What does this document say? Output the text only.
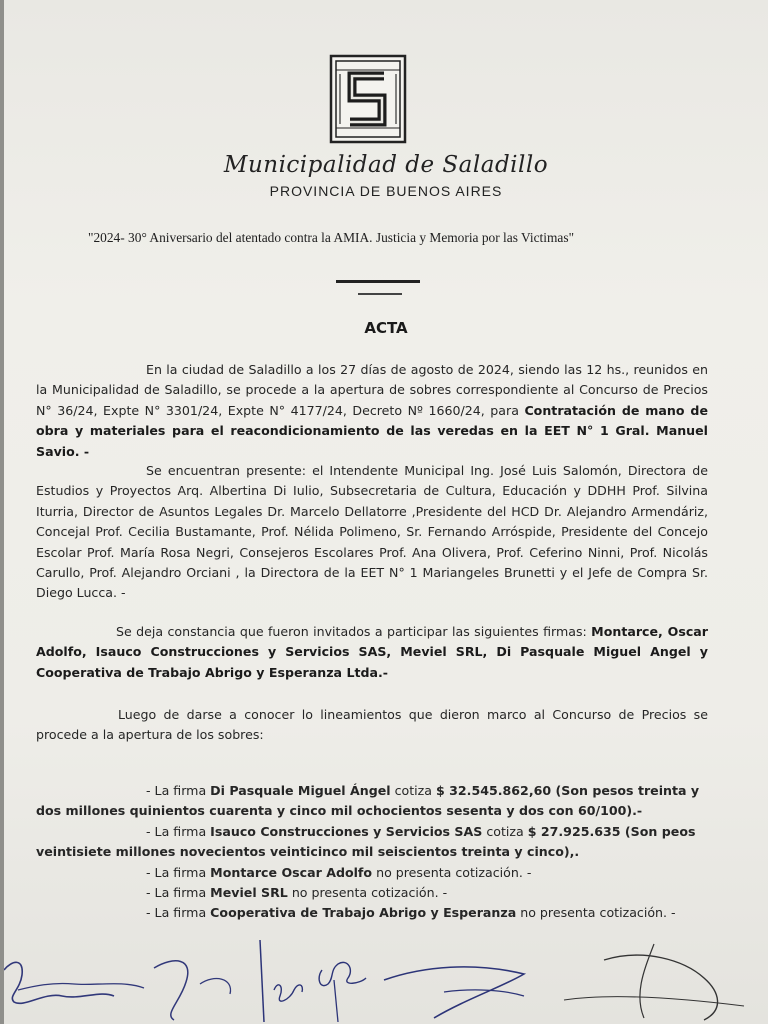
Municipalidad de Saladillo
PROVINCIA DE BUENOS AIRES
"2024- 30° Aniversario del atentado contra la AMIA. Justicia y Memoria por las Victimas"
ACTA
En la ciudad de Saladillo a los 27 días de agosto de 2024, siendo las 12 hs., reunidos en la Municipalidad de Saladillo, se procede a la apertura de sobres correspondiente al Concurso de Precios N° 36/24, Expte N° 3301/24, Expte N° 4177/24, Decreto Nº 1660/24, para Contratación de mano de obra y materiales para el reacondicionamiento de las veredas en la EET N° 1 Gral. Manuel Savio. -
Se encuentran presente: el Intendente Municipal Ing. José Luis Salomón, Directora de Estudios y Proyectos Arq. Albertina Di Iulio, Subsecretaria de Cultura, Educación y DDHH Prof. Silvina Iturria, Director de Asuntos Legales Dr. Marcelo Dellatorre ,Presidente del HCD Dr. Alejandro Armendáriz, Concejal Prof. Cecilia Bustamante, Prof. Nélida Polimeno, Sr. Fernando Arróspide, Presidente del Concejo Escolar Prof. María Rosa Negri, Consejeros Escolares Prof. Ana Olivera, Prof. Ceferino Ninni, Prof. Nicolás Carullo, Prof. Alejandro Orciani , la Directora de la EET N° 1 Mariangeles Brunetti y el Jefe de Compra Sr. Diego Lucca. -
Se deja constancia que fueron invitados a participar las siguientes firmas: Montarce, Oscar Adolfo, Isauco Construcciones y Servicios SAS, Meviel SRL, Di Pasquale Miguel Angel y Cooperativa de Trabajo Abrigo y Esperanza Ltda.-
Luego de darse a conocer lo lineamientos que dieron marco al Concurso de Precios se procede a la apertura de los sobres:

- La firma Di Pasquale Miguel Ángel cotiza $ 32.545.862,60 (Son pesos treinta y dos millones quinientos cuarenta y cinco mil ochocientos sesenta y dos con 60/100).-

- La firma Isauco Construcciones y Servicios SAS cotiza $ 27.925.635 (Son peos veintisiete millones novecientos veinticinco mil seiscientos treinta y cinco),.

- La firma Montarce Oscar Adolfo no presenta cotización. -

- La firma Meviel SRL no presenta cotización. -

- La firma Cooperativa de Trabajo Abrigo y Esperanza no presenta cotización. -
